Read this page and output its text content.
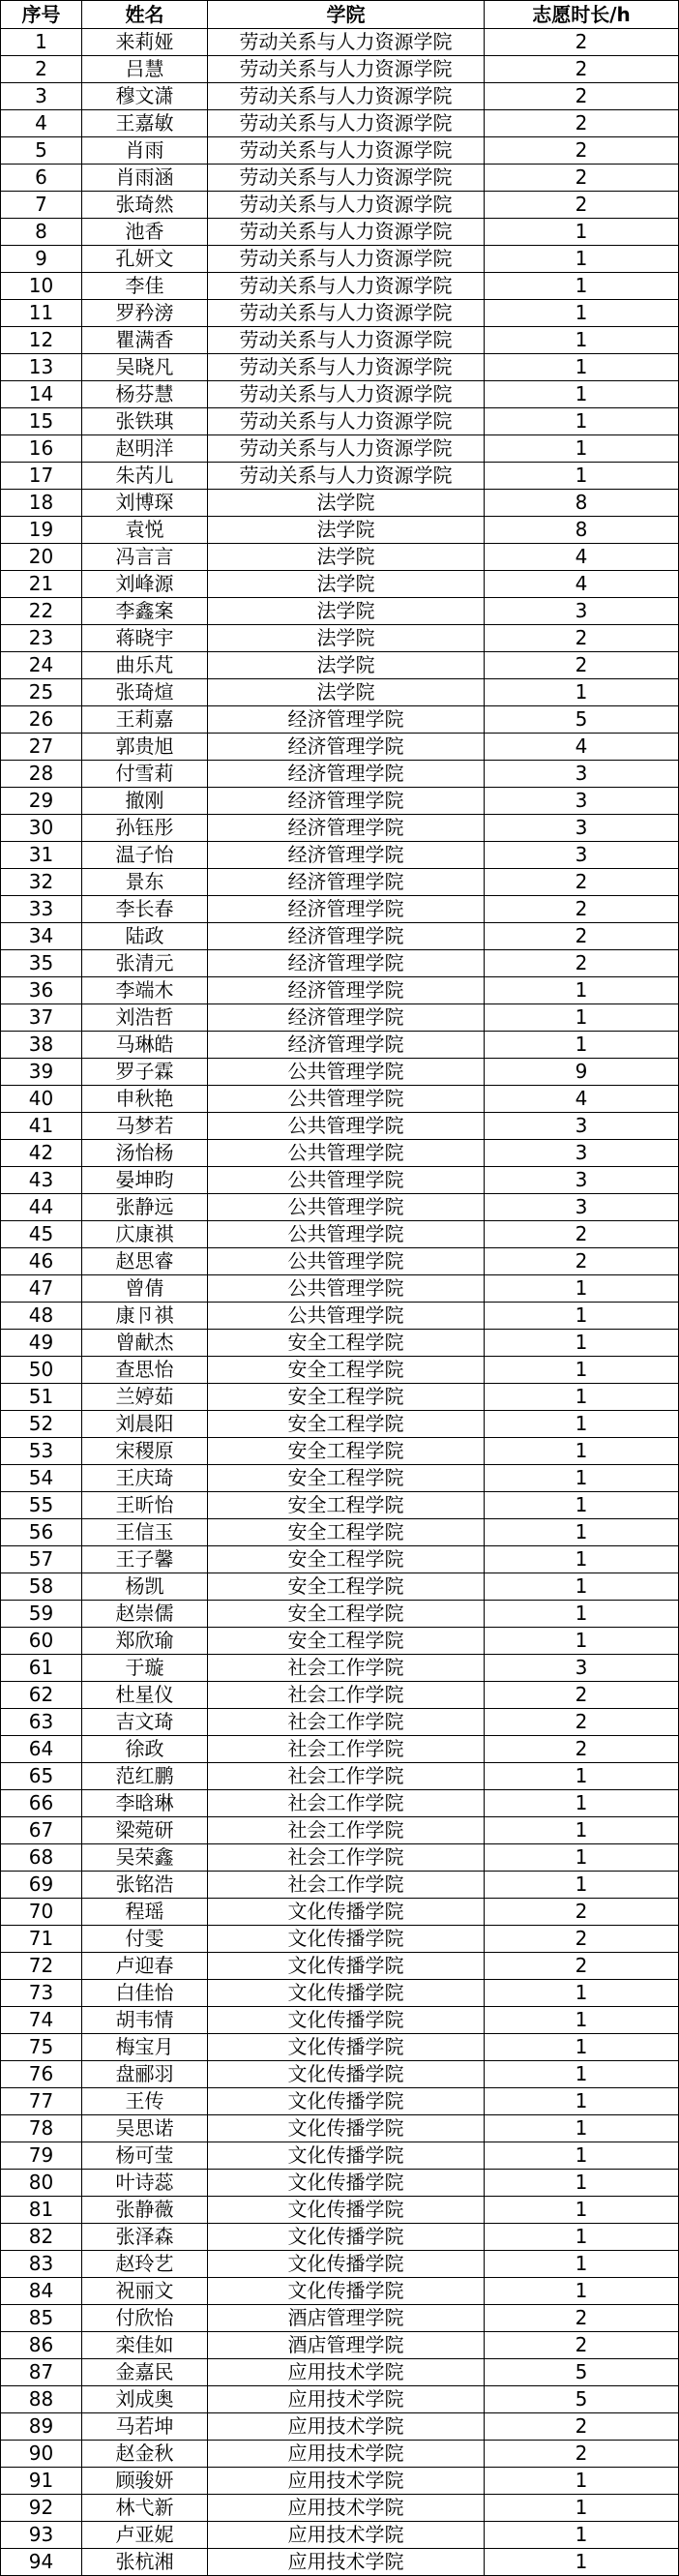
序号	姓名	学院	志愿时长/h
1	来莉娅	劳动关系与人力资源学院	2
2	吕慧	劳动关系与人力资源学院	2
3	穆文潇	劳动关系与人力资源学院	2
4	王嘉敏	劳动关系与人力资源学院	2
5	肖雨	劳动关系与人力资源学院	2
6	肖雨涵	劳动关系与人力资源学院	2
7	张琦然	劳动关系与人力资源学院	2
8	池香	劳动关系与人力资源学院	1
9	孔妍文	劳动关系与人力资源学院	1
10	李佳	劳动关系与人力资源学院	1
11	罗矜滂	劳动关系与人力资源学院	1
12	瞿满香	劳动关系与人力资源学院	1
13	吴晓凡	劳动关系与人力资源学院	1
14	杨芬慧	劳动关系与人力资源学院	1
15	张铁琪	劳动关系与人力资源学院	1
16	赵明洋	劳动关系与人力资源学院	1
17	朱芮儿	劳动关系与人力资源学院	1
18	刘博琛	法学院	8
19	袁悦	法学院	8
20	冯言言	法学院	4
21	刘峰源	法学院	4
22	李鑫案	法学院	3
23	蒋晓宇	法学院	2
24	曲乐芃	法学院	2
25	张琦煊	法学院	1
26	王莉嘉	经济管理学院	5
27	郭贵旭	经济管理学院	4
28	付雪莉	经济管理学院	3
29	撤刚	经济管理学院	3
30	孙钰彤	经济管理学院	3
31	温子怡	经济管理学院	3
32	景东	经济管理学院	2
33	李长春	经济管理学院	2
34	陆政	经济管理学院	2
35	张清元	经济管理学院	2
36	李端木	经济管理学院	1
37	刘浩哲	经济管理学院	1
38	马琳皓	经济管理学院	1
39	罗子霖	公共管理学院	9
40	申秋艳	公共管理学院	4
41	马梦若	公共管理学院	3
42	汤怡杨	公共管理学院	3
43	晏坤昀	公共管理学院	3
44	张静远	公共管理学院	3
45	庂康祺	公共管理学院	2
46	赵思睿	公共管理学院	2
47	曾倩	公共管理学院	1
48	康卪祺	公共管理学院	1
49	曾献杰	安全工程学院	1
50	查思怡	安全工程学院	1
51	兰婷茹	安全工程学院	1
52	刘晨阳	安全工程学院	1
53	宋稷原	安全工程学院	1
54	王庆琦	安全工程学院	1
55	王昕怡	安全工程学院	1
56	王信玉	安全工程学院	1
57	王子馨	安全工程学院	1
58	杨凯	安全工程学院	1
59	赵崇儒	安全工程学院	1
60	郑欣瑜	安全工程学院	1
61	于璇	社会工作学院	3
62	杜星仪	社会工作学院	2
63	吉文琦	社会工作学院	2
64	徐政	社会工作学院	2
65	范红鹏	社会工作学院	1
66	李晗琳	社会工作学院	1
67	梁菀研	社会工作学院	1
68	吴荣鑫	社会工作学院	1
69	张铭浩	社会工作学院	1
70	程瑶	文化传播学院	2
71	付雯	文化传播学院	2
72	卢迎春	文化传播学院	2
73	白佳怡	文化传播学院	1
74	胡韦情	文化传播学院	1
75	梅宝月	文化传播学院	1
76	盘郦羽	文化传播学院	1
77	王传	文化传播学院	1
78	吴思诺	文化传播学院	1
79	杨可莹	文化传播学院	1
80	叶诗蕊	文化传播学院	1
81	张静薇	文化传播学院	1
82	张泽森	文化传播学院	1
83	赵玲艺	文化传播学院	1
84	祝丽文	文化传播学院	1
85	付欣怡	酒店管理学院	2
86	栾佳如	酒店管理学院	2
87	金嘉民	应用技术学院	5
88	刘成奥	应用技术学院	5
89	马若坤	应用技术学院	2
90	赵金秋	应用技术学院	2
91	顾骏妍	应用技术学院	1
92	林弋新	应用技术学院	1
93	卢亚妮	应用技术学院	1
94	张杭湘	应用技术学院	1
